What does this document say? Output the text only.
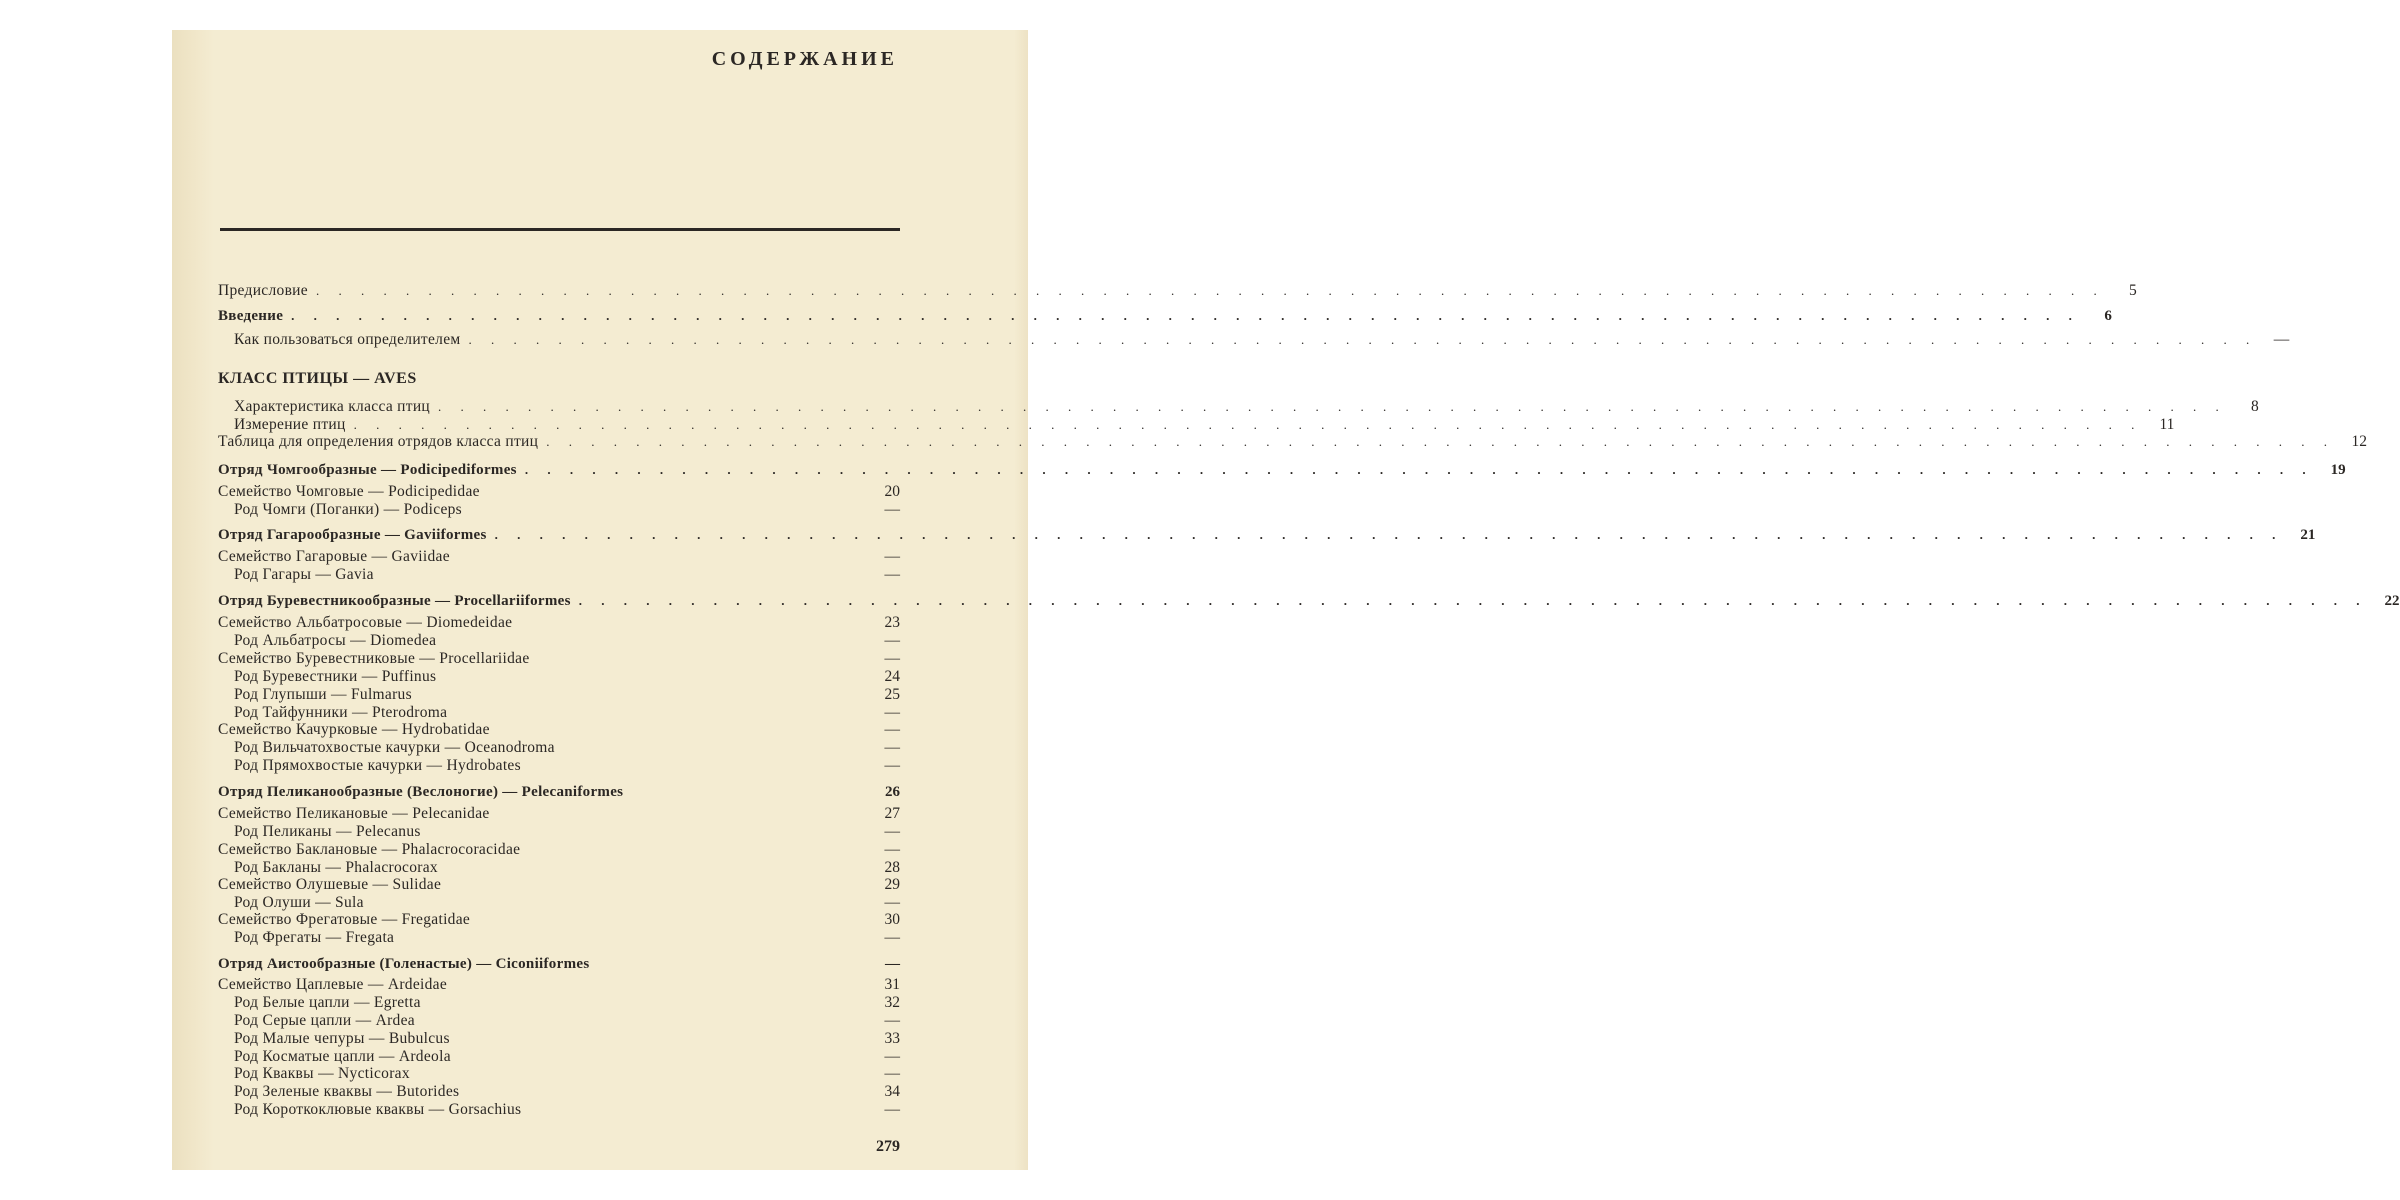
СОДЕРЖАНИЕ
КЛАСС ПТИЦЫ — AVES
Предисловие . . . . . . . . . . . . . . . . . . . . . . . . . . . . . . . . . . . . . . . . . . . . . . . . . . . . . . . . . . . . . . . . . . . . . . . . . . . . . . . .	5
Введение . . . . . . . . . . . . . . . . . . . . . . . . . . . . . . . . . . . . . . . . . . . . . . . . . . . . . . . . . . . . . . . . . . . . . . . . . . . . . . . .	6
Как пользоваться определителем . . . . . . . . . . . . . . . . . . . . . . . . . . . . . . . . . . . . . . . . . . . . . . . . . . . . . . . . . . . . . . . . . . . . . . . . . . . . . . . .	—
Характеристика класса птиц . . . . . . . . . . . . . . . . . . . . . . . . . . . . . . . . . . . . . . . . . . . . . . . . . . . . . . . . . . . . . . . . . . . . . . . . . . . . . . . .	8
Измерение птиц . . . . . . . . . . . . . . . . . . . . . . . . . . . . . . . . . . . . . . . . . . . . . . . . . . . . . . . . . . . . . . . . . . . . . . . . . . . . . . . .	11
Таблица для определения отрядов класса птиц . . . . . . . . . . . . . . . . . . . . . . . . . . . . . . . . . . . . . . . . . . . . . . . . . . . . . . . . . . . . . . . . . . . . . . . . . . . . . . . .	12
Отряд Чомгообразные — Podicipediformes . . . . . . . . . . . . . . . . . . . . . . . . . . . . . . . . . . . . . . . . . . . . . . . . . . . . . . . . . . . . . . . . . . . . . . . . . . . . . . . .	19
Семейство Чомговые — Podicipedidae	20
Род Чомги (Поганки) — Podiceps	—
Отряд Гагарообразные — Gaviiformes . . . . . . . . . . . . . . . . . . . . . . . . . . . . . . . . . . . . . . . . . . . . . . . . . . . . . . . . . . . . . . . . . . . . . . . . . . . . . . . .	21
Семейство Гагаровые — Gaviidae	—
Род Гагары — Gavia	—
Отряд Буревестникообразные — Procellariiformes . . . . . . . . . . . . . . . . . . . . . . . . . . . . . . . . . . . . . . . . . . . . . . . . . . . . . . . . . . . . . . . . . . . . . . . . . . . . . . . .	22
Семейство Альбатросовые — Diomedeidae	23
Род Альбатросы — Diomedea	—
Семейство Буревестниковые — Procellariidae	—
Род Буревестники — Puffinus	24
Род Глупыши — Fulmarus	25
Род Тайфунники — Pterodroma	—
Семейство Качурковые — Hydrobatidae	—
Род Вильчатохвостые качурки — Oceanodroma	—
Род Прямохвостые качурки — Hydrobates	—
Отряд Пеликанообразные (Веслоногие) — Pelecaniformes	26
Семейство Пеликановые — Pelecanidae	27
Род Пеликаны — Pelecanus	—
Семейство Баклановые — Phalacrocoracidae	—
Род Бакланы — Phalacrocorax	28
Семейство Олушевые — Sulidae	29
Род Олуши — Sula	—
Семейство Фрегатовые — Fregatidae	30
Род Фрегаты — Fregata	—
Отряд Аистообразные (Голенастые) — Ciconiiformes	—
Семейство Цаплевые — Ardeidae	31
Род Белые цапли — Egretta	32
Род Серые цапли — Ardea	—
Род Малые чепуры — Bubulcus	33
Род Косматые цапли — Ardeola	—
Род Кваквы — Nycticorax	—
Род Зеленые кваквы — Butorides	34
Род Короткоклювые кваквы — Gorsachius	—
279
